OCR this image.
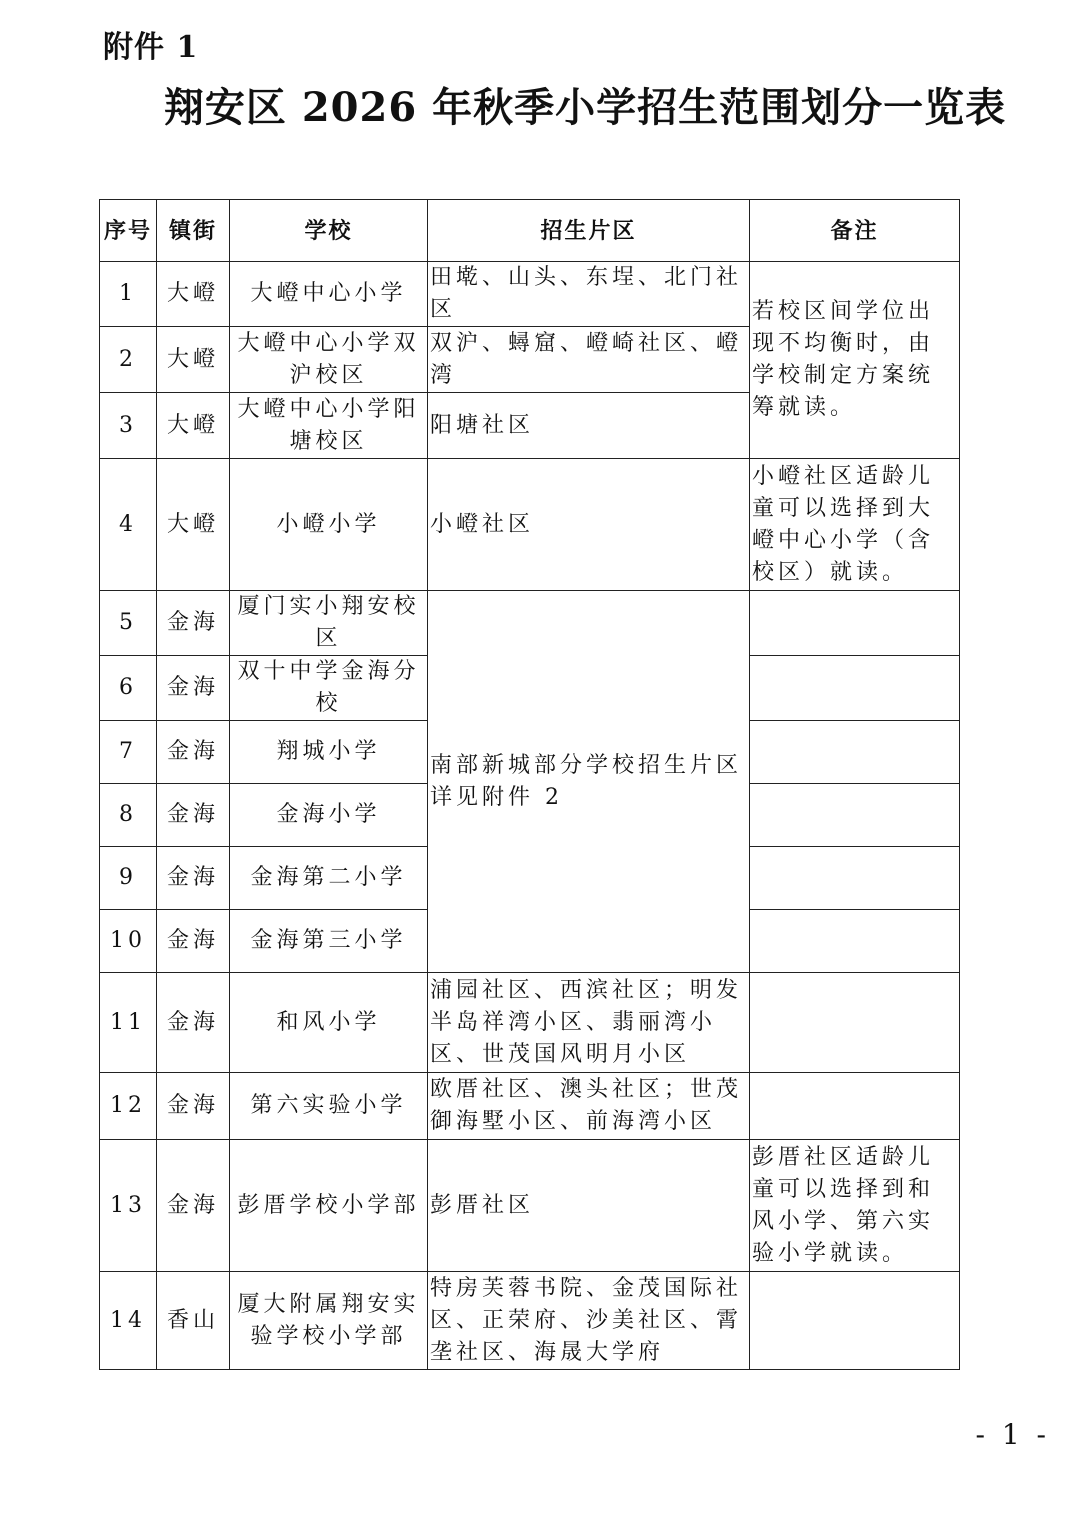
附件 1
翔安区 2026 年秋季小学招生范围划分一览表
序号	镇街	学校	招生片区	备注
1	大嶝	大嶝中心小学	田墘、山头、东埕、北门社区	若校区间学位出现不均衡时，由学校制定方案统筹就读。
2	大嶝	大嶝中心小学双沪校区	双沪、蟳窟、嶝崎社区、嶝湾	
3	大嶝	大嶝中心小学阳塘校区	阳塘社区	
4	大嶝	小嶝小学	小嶝社区	小嶝社区适龄儿童可以选择到大嶝中心小学（含校区）就读。
5	金海	厦门实小翔安校区	南部新城部分学校招生片区详见附件 2	
6	金海	双十中学金海分校		
7	金海	翔城小学		
8	金海	金海小学		
9	金海	金海第二小学		
10	金海	金海第三小学		
11	金海	和风小学	浦园社区、西滨社区；明发半岛祥湾小区、翡丽湾小区、世茂国风明月小区	
12	金海	第六实验小学	欧厝社区、澳头社区；世茂御海墅小区、前海湾小区	
13	金海	彭厝学校小学部	彭厝社区	彭厝社区适龄儿童可以选择到和风小学、第六实验小学就读。
14	香山	厦大附属翔安实验学校小学部	特房芙蓉书院、金茂国际社区、正荣府、沙美社区、霄垄社区、海晟大学府	
- 1 -
